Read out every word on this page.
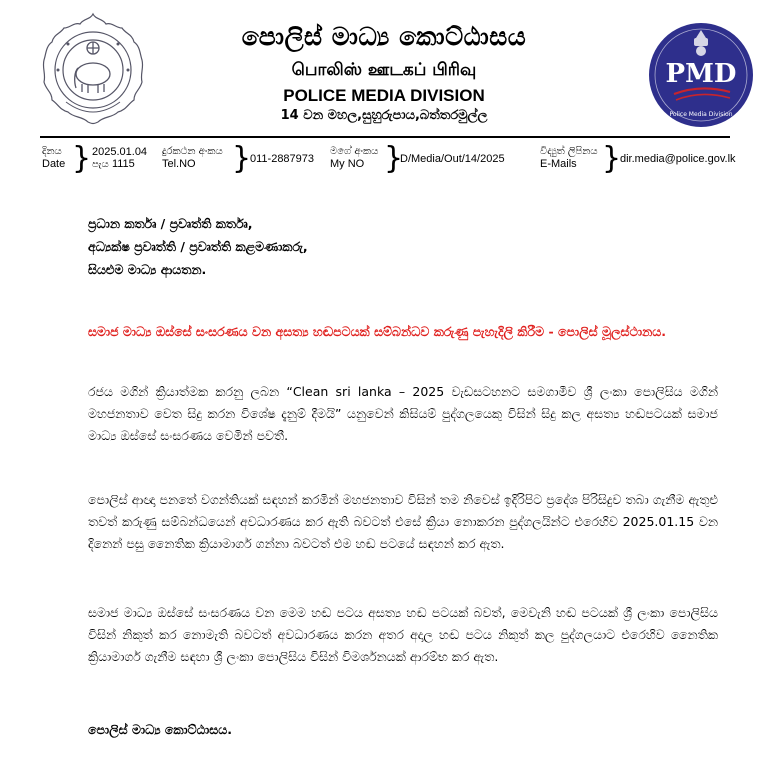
PMD
Police Media Division
පොලිස් මාධ්‍ය කොට්ඨාසය
பொலிஸ் ஊடகப் பிரிவு
POLICE MEDIA DIVISION
14 වන මහල,සුහුරුපාය,බත්තරමුල්ල
දිනය
Date } 2025.01.04
පැය 1115
දුරකථන අංකය
Tel.NO	}
011-2887973
මගේ අංකය
My NO }
D/Media/Out/14/2025
විද්‍යුත් ලිපිනය
E-Mails }
dir.media@police.gov.lk
ප්‍රධාන කර්තෘ / ප්‍රවෘත්ති කර්තෘ,
අධ්‍යක්ෂ ප්‍රවෘත්ති / ප්‍රවෘත්ති කළමණාකරු,
සියළුම මාධ්‍ය ආයතන.
සමාජ මාධ්‍ය ඔස්සේ සංසරණය වන අසත්‍ය හඬපටයක් සම්බන්ධව කරුණු පැහැදිලි කිරීම - පොලිස් මූලස්ථානය.
රජය මගින් ක්‍රියාත්මක කරනු ලබන “Clean sri lanka – 2025 වැඩසටහනට සමගාමීව ශ්‍රී ලංකා පොලිසිය මගින් මහජනතාව වෙත සිදු කරන විශේෂ දැනුම් දීමයි” යනුවෙන් කිසියම් පුද්ගලයෙකු විසින් සිදු කල අසත්‍ය හඬපටයක් සමාජ මාධ්‍ය ඔස්සේ සංසරණය වෙමින් පවතී.
පොලිස් ආඥා පනතේ වගන්තියක් සඳහන් කරමින් මහජනතාව විසින් තම නිවෙස් ඉදිරිපිට ප්‍රදේශ පිරිසිදුව තබා ගැනීම ඇතුළු තවත් කරුණු සම්බන්ධයෙන් අවධාරණය කර ඇති බවටත් එසේ ක්‍රියා නොකරන පුද්ගලයින්ට එරෙහිව 2025.01.15 වන දිනෙන් පසු නෛතික ක්‍රියාමාර්ග ගන්නා බවටත් එම හඬ පටයේ සඳහන් කර ඇත.
සමාජ මාධ්‍ය ඔස්සේ සංසරණය වන මෙම හඬ පටය අසත්‍ය හඬ පටයක් බවත්, මෙවැනි හඬ පටයක් ශ්‍රී ලංකා පොලිසිය විසින් නිකුත් කර නොමැති බවටත් අවධාරණය කරන අතර අදාල හඬ පටය නිකුත් කල පුද්ගලයාට එරෙහිව නෛතික ක්‍රියාමාර්ග ගැනීම සඳහා ශ්‍රී ලංකා පොලිසිය විසින් විමර්ශනයක් ආරම්භ කර ඇත.
පොලිස් මාධ්‍ය කොට්ඨාසය.
